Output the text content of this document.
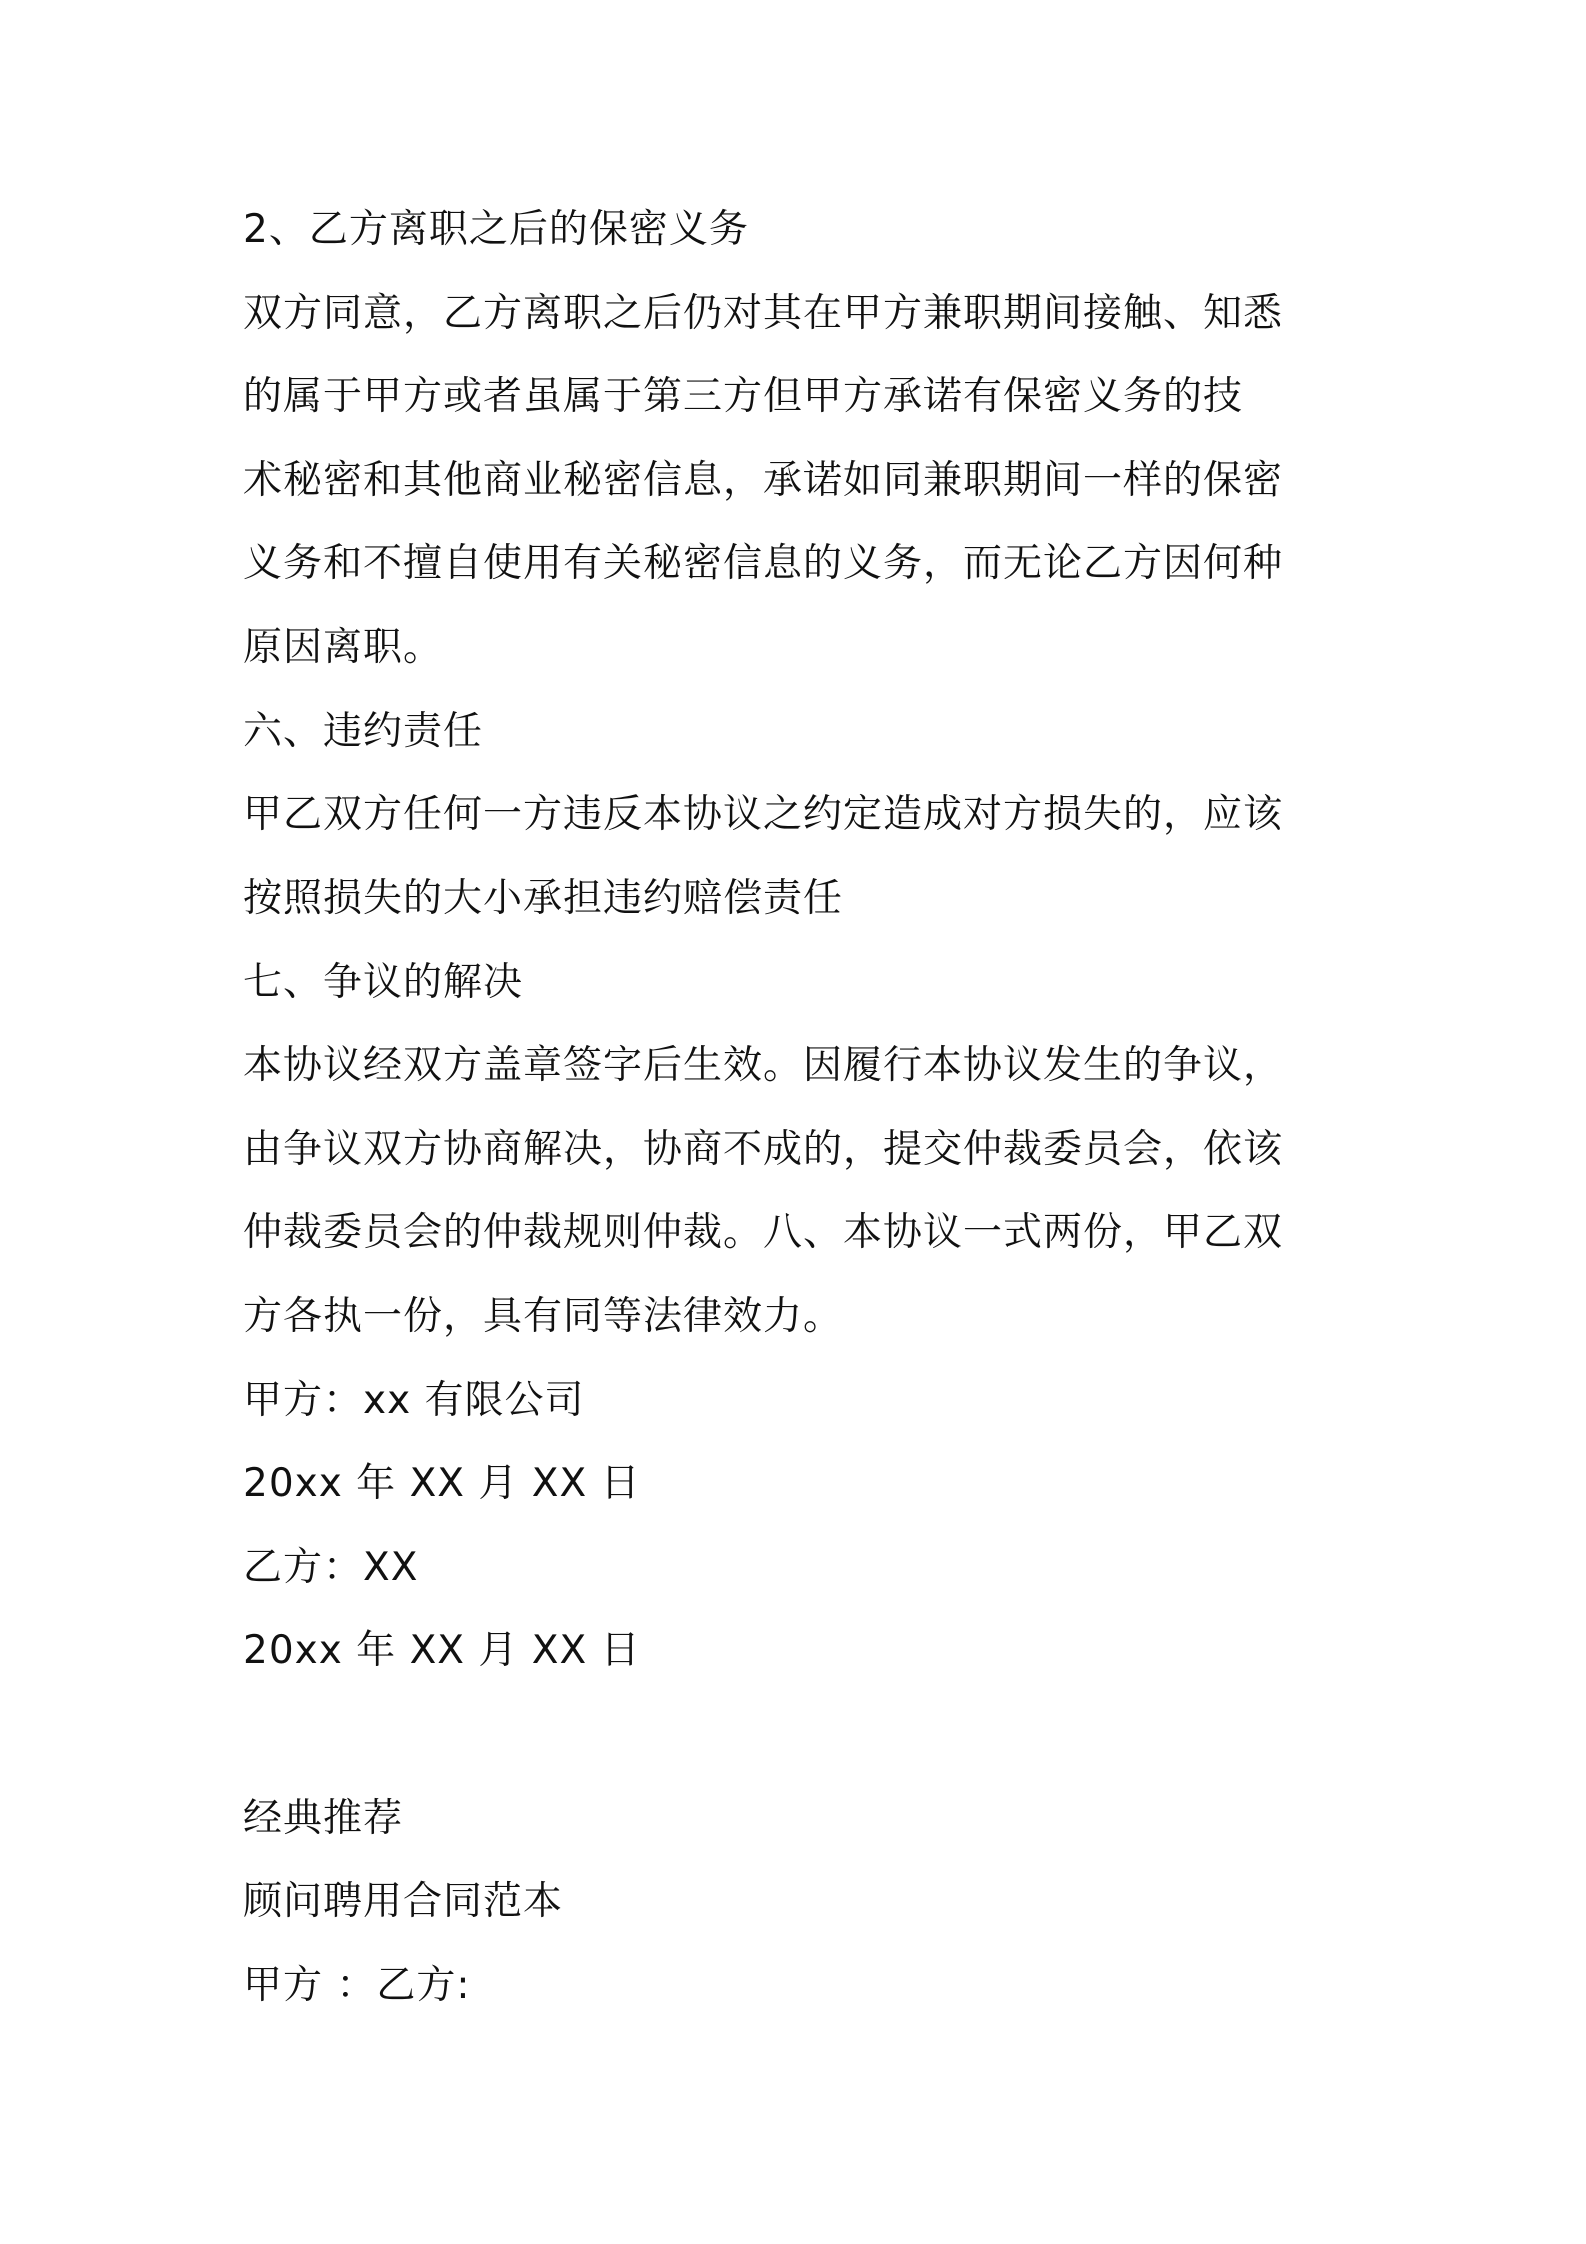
2、乙方离职之后的保密义务
双方同意，乙方离职之后仍对其在甲方兼职期间接触、知悉
的属于甲方或者虽属于第三方但甲方承诺有保密义务的技
术秘密和其他商业秘密信息，承诺如同兼职期间一样的保密
义务和不擅自使用有关秘密信息的义务，而无论乙方因何种
原因离职。
六、违约责任
甲乙双方任何一方违反本协议之约定造成对方损失的，应该
按照损失的大小承担违约赔偿责任
七、争议的解决
本协议经双方盖章签字后生效。因履行本协议发生的争议，
由争议双方协商解决，协商不成的，提交仲裁委员会，依该
仲裁委员会的仲裁规则仲裁。八、本协议一式两份，甲乙双
方各执一份，具有同等法律效力。
甲方：xx 有限公司
20xx 年 XX 月 XX 日
乙方：XX
20xx 年 XX 月 XX 日
经典推荐
顾问聘用合同范本
甲方 ：乙方:
